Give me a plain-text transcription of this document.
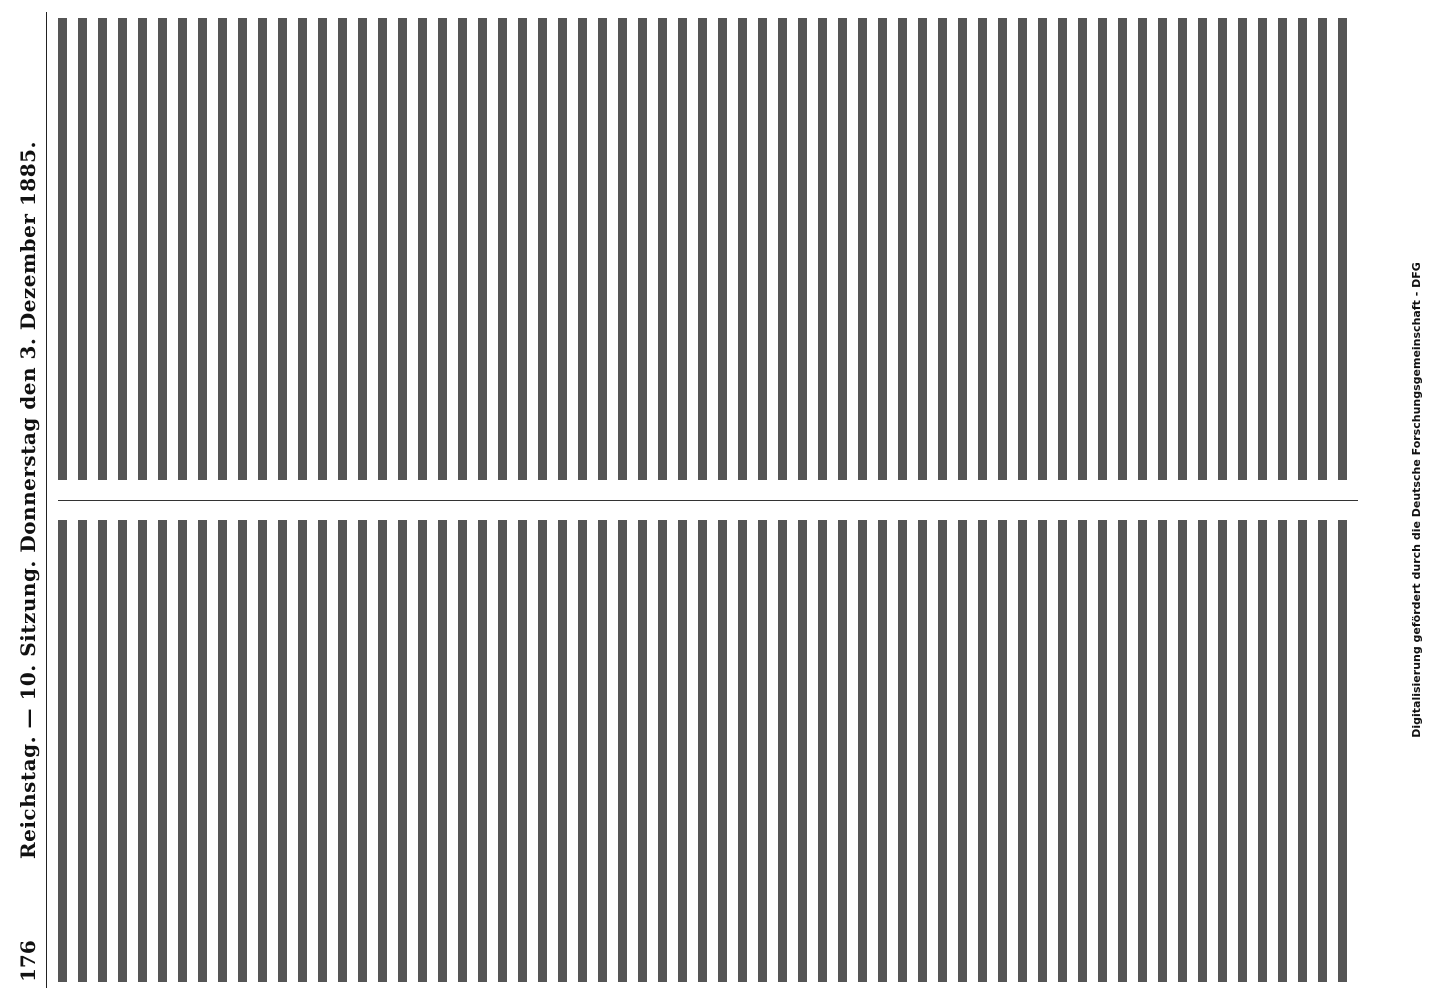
176
Reichstag. — 10. Sitzung. Donnerstag den 3. Dezember 1885.	Digitalisierung gefördert durch die Deutsche Forschungsgemeinschaft - DFG
